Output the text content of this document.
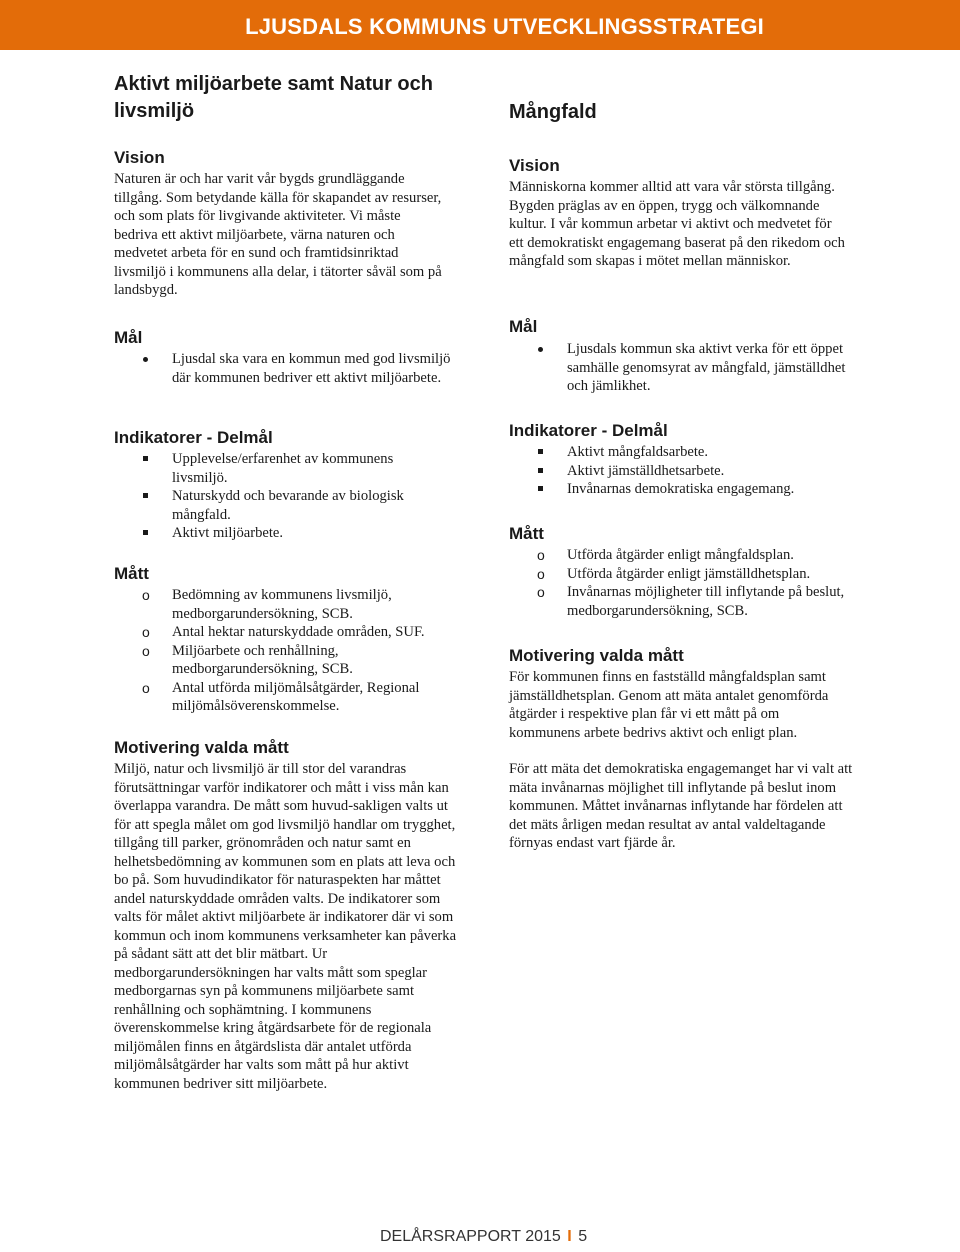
LJUSDALS KOMMUNS UTVECKLINGSSTRATEGI
Aktivt miljöarbete samt Natur och livsmiljö
Vision

Naturen är och har varit vår bygds grundläggande tillgång. Som betydande källa för skapandet av resurser, och som plats för livgivande aktiviteter. Vi måste bedriva ett aktivt miljöarbete, värna naturen och medvetet arbeta för en sund och framtidsinriktad livsmiljö i kommunens alla delar, i tätorter såväl som på landsbygd.

Mål
Ljusdal ska vara en kommun med god livsmiljö där kommunen bedriver ett aktivt miljöarbete.
Indikatorer - Delmål
Upplevelse/erfarenhet av kommunens livsmiljö.
Naturskydd och bevarande av biologisk mångfald.
Aktivt miljöarbete.
Mått
Bedömning av kommunens livsmiljö, medborgarundersökning, SCB.
Antal hektar naturskyddade områden, SUF.
Miljöarbete och renhållning, medborgarundersökning, SCB.
Antal utförda miljömålsåtgärder, Regional miljömålsöverenskommelse.
Motivering valda mått

Miljö, natur och livsmiljö är till stor del varandras förutsättningar varför indikatorer och mått i viss mån kan överlappa varandra. De mått som huvud-sakligen valts ut för att spegla målet om god livsmiljö handlar om trygghet, tillgång till parker, grönområden och natur samt en helhetsbedömning av kommunen som en plats att leva och bo på. Som huvudindikator för naturaspekten har måttet andel naturskyddade områden valts. De indikatorer som valts för målet aktivt miljöarbete är indikatorer där vi som kommun och inom kommunens verksamheter kan påverka på sådant sätt att det blir mätbart. Ur medborgarundersökningen har valts mått som speglar medborgarnas syn på kommunens miljöarbete samt renhållning och sophämtning. I kommunens överenskommelse kring åtgärdsarbete för de regionala miljömålen finns en åtgärdslista där antalet utförda miljömålsåtgärder har valts som mått på hur aktivt kommunen bedriver sitt miljöarbete.

Mångfald
Vision

Människorna kommer alltid att vara vår största tillgång. Bygden präglas av en öppen, trygg och välkomnande kultur. I vår kommun arbetar vi aktivt och medvetet för ett demokratiskt engagemang baserat på den rikedom och mångfald som skapas i mötet mellan människor.

Mål
Ljusdals kommun ska aktivt verka för ett öppet samhälle genomsyrat av mångfald, jämställdhet och jämlikhet.
Indikatorer - Delmål
Aktivt mångfaldsarbete.
Aktivt jämställdhetsarbete.
Invånarnas demokratiska engagemang.
Mått
Utförda åtgärder enligt mångfaldsplan.
Utförda åtgärder enligt jämställdhetsplan.
Invånarnas möjligheter till inflytande på beslut, medborgarundersökning, SCB.
Motivering valda mått

För kommunen finns en fastställd mångfaldsplan samt jämställdhetsplan. Genom att mäta antalet genomförda åtgärder i respektive plan får vi ett mått på om kommunens arbete bedrivs aktivt och enligt plan.

För att mäta det demokratiska engagemanget har vi valt att mäta invånarnas möjlighet till inflytande på beslut inom kommunen. Måttet invånarnas inflytande har fördelen att det mäts årligen medan resultat av antal valdeltagande förnyas endast vart fjärde år.

DELÅRSRAPPORT 2015 I 5
